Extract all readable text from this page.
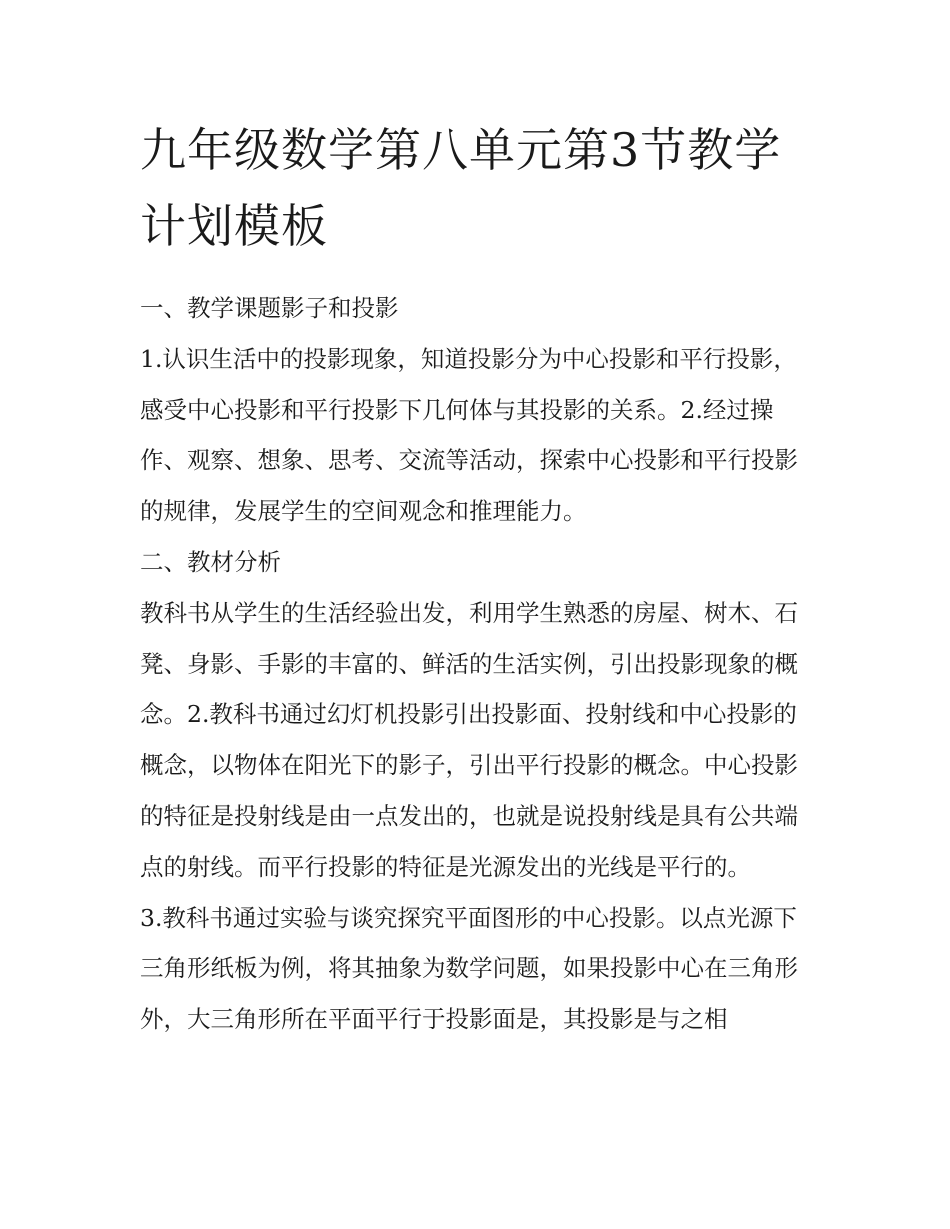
九年级数学第八单元第3节教学计划模板

一、教学课题影子和投影

1.认识生活中的投影现象，知道投影分为中心投影和平行投影，感受中心投影和平行投影下几何体与其投影的关系。2.经过操作、观察、想象、思考、交流等活动，探索中心投影和平行投影的规律，发展学生的空间观念和推理能力。

二、教材分析

教科书从学生的生活经验出发，利用学生熟悉的房屋、树木、石凳、身影、手影的丰富的、鲜活的生活实例，引出投影现象的概念。2.教科书通过幻灯机投影引出投影面、投射线和中心投影的概念，以物体在阳光下的影子，引出平行投影的概念。中心投影的特征是投射线是由一点发出的，也就是说投射线是具有公共端点的射线。而平行投影的特征是光源发出的光线是平行的。

3.教科书通过实验与谈究探究平面图形的中心投影。以点光源下三角形纸板为例，将其抽象为数学问题，如果投影中心在三角形外，大三角形所在平面平行于投影面是，其投影是与之相
